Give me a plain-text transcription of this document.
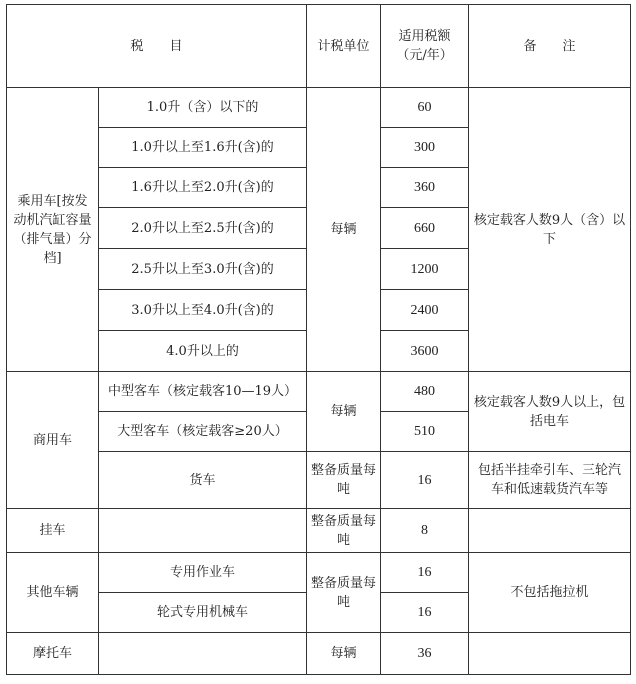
税　　目		计税单位	适用税额（元/年）	备　　注
乘用车[按发动机汽缸容量（排气量）分档]	1.0升（含）以下的	每辆	60	核定载客人数9人（含）以下
	1.0升以上至1.6升(含)的		300	
	1.6升以上至2.0升(含)的		360	
	2.0升以上至2.5升(含)的		660	
	2.5升以上至3.0升(含)的		1200	
	3.0升以上至4.0升(含)的		2400	
	4.0升以上的		3600	
商用车	中型客车（核定载客10—19人）	每辆	480	核定载客人数9人以上，包括电车
	大型客车（核定载客≥20人）		510	
	货车	整备质量每吨	16	包括半挂牵引车、三轮汽车和低速载货汽车等
挂车		整备质量每吨	8	
其他车辆	专用作业车	整备质量每吨	16	不包括拖拉机
	轮式专用机械车		16	
摩托车		每辆	36	
